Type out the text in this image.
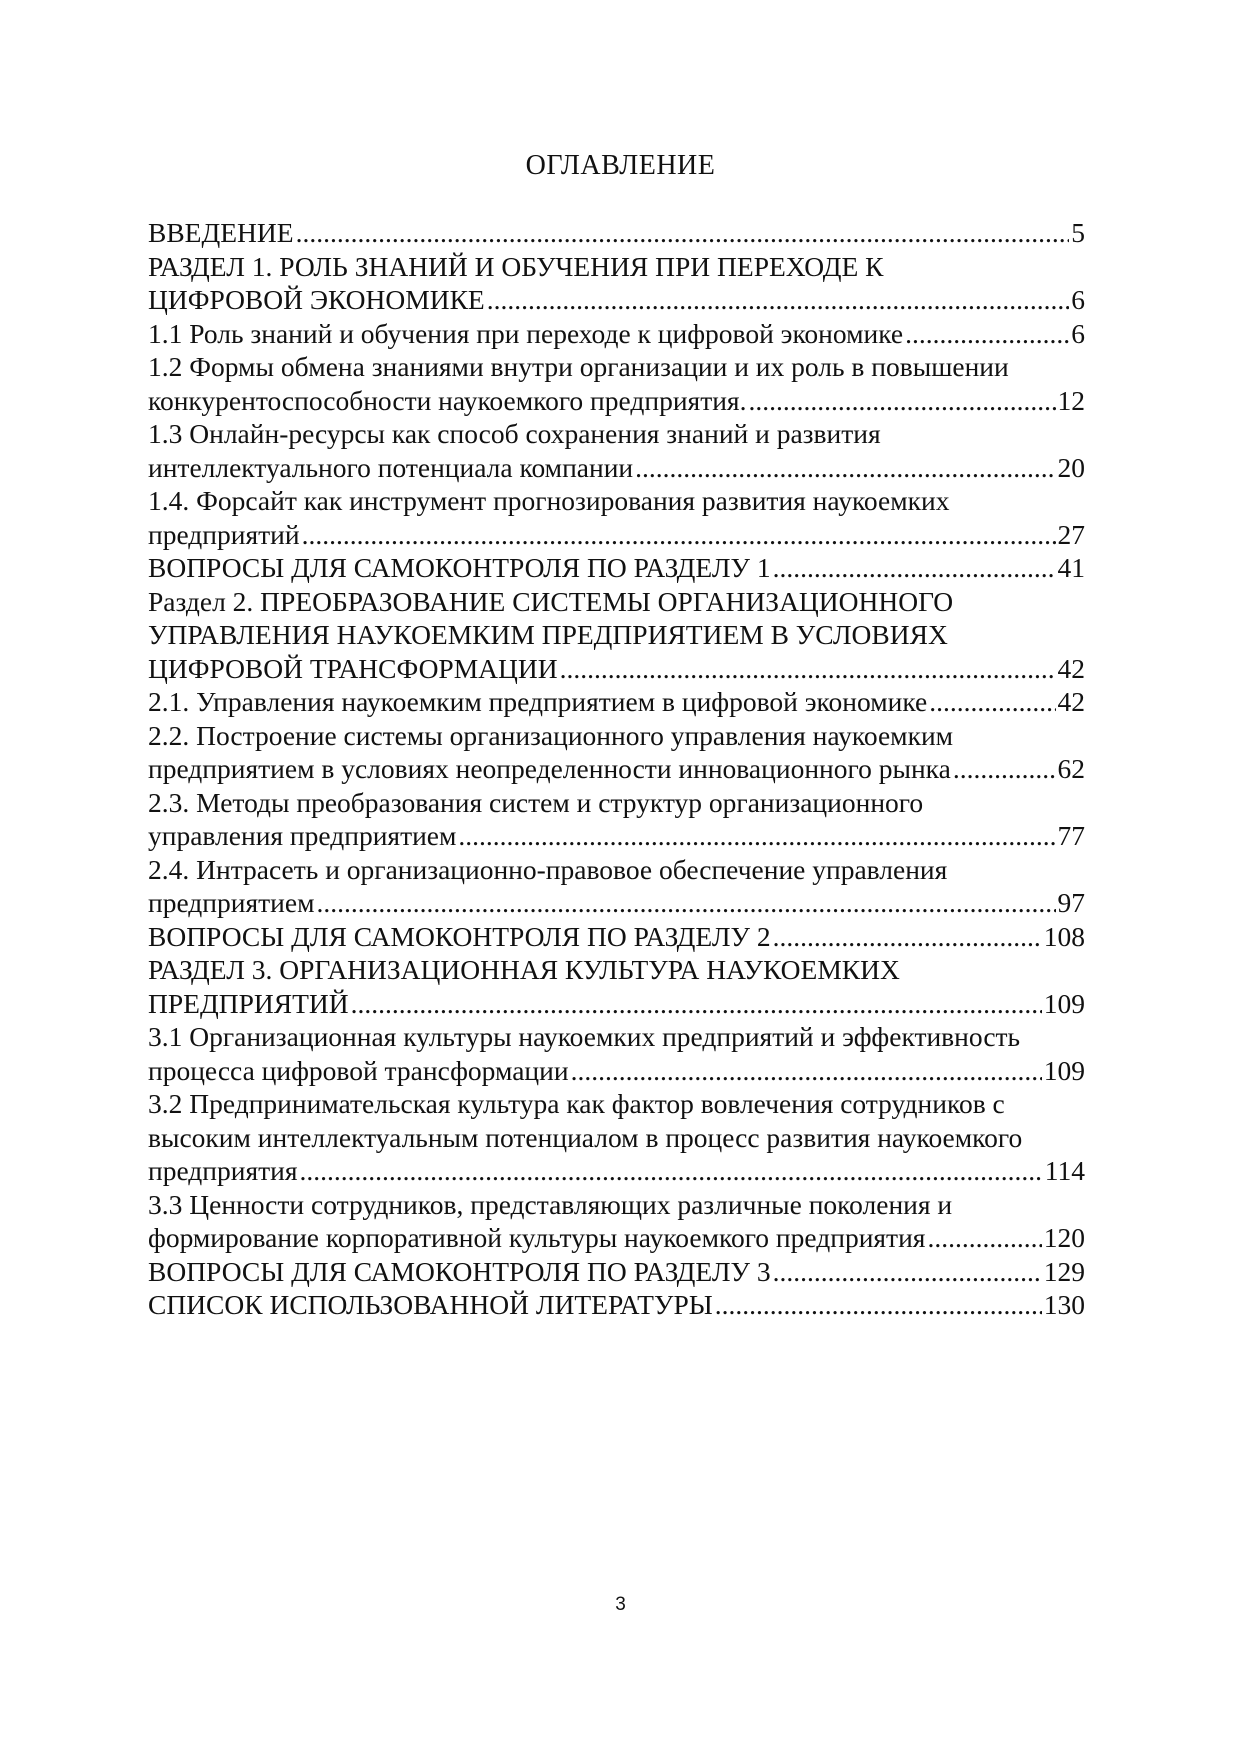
ОГЛАВЛЕНИЕ
ВВЕДЕНИЕ .....	5
РАЗДЕЛ 1. РОЛЬ ЗНАНИЙ И ОБУЧЕНИЯ ПРИ ПЕРЕХОДЕ К
ЦИФРОВОЙ ЭКОНОМИКЕ .....	6
1.1 Роль знаний и обучения при переходе к цифровой экономике .....	6
1.2 Формы обмена знаниями внутри организации и их роль в повышении
конкурентоспособности наукоемкого предприятия. .....	12
1.3 Онлайн-ресурсы как способ сохранения знаний и развития
интеллектуального потенциала компании .....	20
1.4. Форсайт как инструмент прогнозирования развития наукоемких
предприятий .....	27
ВОПРОСЫ ДЛЯ САМОКОНТРОЛЯ ПО РАЗДЕЛУ 1 .....	41
Раздел 2. ПРЕОБРАЗОВАНИЕ СИСТЕМЫ ОРГАНИЗАЦИОННОГО
УПРАВЛЕНИЯ НАУКОЕМКИМ ПРЕДПРИЯТИЕМ В УСЛОВИЯХ
ЦИФРОВОЙ ТРАНСФОРМАЦИИ .....	42
2.1. Управления наукоемким предприятием в цифровой экономике .....	42
2.2. Построение системы организационного управления наукоемким
предприятием в условиях неопределенности инновационного рынка .....	62
2.3. Методы преобразования систем и структур организационного
управления предприятием .....	77
2.4. Интрасеть и организационно-правовое обеспечение управления
предприятием .....	97
ВОПРОСЫ ДЛЯ САМОКОНТРОЛЯ ПО РАЗДЕЛУ 2 .....	108
РАЗДЕЛ 3. ОРГАНИЗАЦИОННАЯ КУЛЬТУРА НАУКОЕМКИХ
ПРЕДПРИЯТИЙ .....	109
3.1 Организационная культуры наукоемких предприятий и эффективность
процесса цифровой трансформации .....	109
3.2 Предпринимательская культура как фактор вовлечения сотрудников с
высоким интеллектуальным потенциалом в процесс развития наукоемкого
предприятия .....	114
3.3 Ценности сотрудников, представляющих различные поколения и
формирование корпоративной культуры наукоемкого предприятия .....	120
ВОПРОСЫ ДЛЯ САМОКОНТРОЛЯ ПО РАЗДЕЛУ 3 .....	129
СПИСОК ИСПОЛЬЗОВАННОЙ ЛИТЕРАТУРЫ .....	130
3
